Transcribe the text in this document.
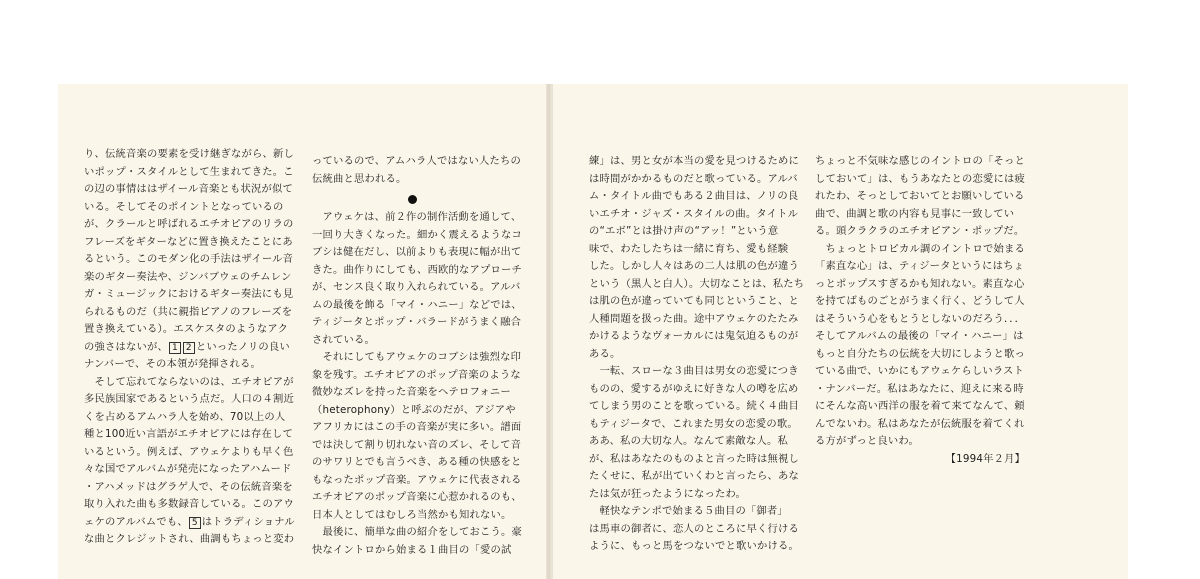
り、伝統音楽の要素を受け継ぎながら、新し

いポップ・スタイルとして生まれてきた。こ

の辺の事情ははザイール音楽とも状況が似て

いる。そしてそのポイントとなっているの

が、クラールと呼ばれるエチオピアのリラの

フレーズをギターなどに置き換えたことにあ

るという。このモダン化の手法はザイール音

楽のギター奏法や、ジンバブウェのチムレン

ガ・ミュージックにおけるギター奏法にも見

られるものだ（共に親指ピアノのフレーズを

置き換えている）。エスケスタのようなアク

の強さはないが、 1 2 といったノリの良い

ナンバーで、その本領が発揮される。

　そして忘れてならないのは、エチオピアが

多民族国家であるという点だ。人口の４割近

くを占めるアムハラ人を始め、70以上の人

種と100近い言語がエチオピアには存在して

いるという。例えば、アウェケよりも早く色

々な国でアルバムが発売になったアハムード

・アハメッドはグラゲ人で、その伝統音楽を

取り入れた曲も多数録音している。このアウ

ェケのアルバムでも、 5 はトラディショナル

な曲とクレジットされ、曲調もちょっと変わ

っているので、アムハラ人ではない人たちの

伝統曲と思われる。

　アウェケは、前２作の制作活動を通して、

一回り大きくなった。細かく震えるようなコ

ブシは健在だし、以前よりも表現に幅が出て

きた。曲作りにしても、西欧的なアプローチ

が、センス良く取り入れられている。アルバ

ムの最後を飾る「マイ・ハニー」などでは、

ティジータとポップ・バラードがうまく融合

されている。

　それにしてもアウェケのコブシは強烈な印

象を残す。エチオピアのポップ音楽のような

微妙なズレを持った音楽をヘテロフォニー

（heterophony）と呼ぶのだが、アジアや

アフリカにはこの手の音楽が実に多い。譜面

では決して割り切れない音のズレ、そして音

のサワリとでも言うべき、ある種の快感をと

もなったポップ音楽。アウェケに代表される

エチオピアのポップ音楽に心惹かれるのも、

日本人としてはむしろ当然かも知れない。

　最後に、簡単な曲の紹介をしておこう。豪

快なイントロから始まる１曲目の「愛の試

練」は、男と女が本当の愛を見つけるために

は時間がかかるものだと歌っている。アルバ

ム・タイトル曲でもある２曲目は、ノリの良

いエチオ・ジャズ・スタイルの曲。タイトル

の“エボ”とは掛け声の“アッ！”という意

味で、わたしたちは一緒に育ち、愛も経験

した。しかし人々はあの二人は肌の色が違う

という（黒人と白人）。大切なことは、私たち

は肌の色が違っていても同じということ、と

人種問題を扱った曲。途中アウェケのたたみ

かけるようなヴォーカルには鬼気迫るものが

ある。

　一転、スローな３曲目は男女の恋愛につき

ものの、愛するがゆえに好きな人の噂を広め

てしまう男のことを歌っている。続く４曲目

もティジータで、これまた男女の恋愛の歌。

ああ、私の大切な人。なんて素敵な人。私

が、私はあなたのものよと言った時は無視し

たくせに、私が出ていくわと言ったら、あな

たは気が狂ったようになったわ。

　軽快なテンポで始まる５曲目の「御者」

は馬車の御者に、恋人のところに早く行ける

ように、もっと馬をつないでと歌いかける。

ちょっと不気味な感じのイントロの「そっと

しておいて」は、もうあなたとの恋愛には疲

れたわ、そっとしておいてとお願いしている

曲で、曲調と歌の内容も見事に一致してい

る。頭クラクラのエチオピアン・ポップだ。

　ちょっとトロピカル調のイントロで始まる

「素直な心」は、ティジータというにはちょ

っとポップスすぎるかも知れない。素直な心

を持てばものごとがうまく行く、どうして人

はそういう心をもとうとしないのだろう．．．

そしてアルバムの最後の「マイ・ハニー」は

もっと自分たちの伝統を大切にしようと歌っ

ている曲で、いかにもアウェケらしいラスト

・ナンバーだ。私はあなたに、迎えに来る時

にそんな高い西洋の服を着て来てなんて、頼

んでないわ。私はあなたが伝統服を着てくれ

る方がずっと良いわ。

【1994年２月】
